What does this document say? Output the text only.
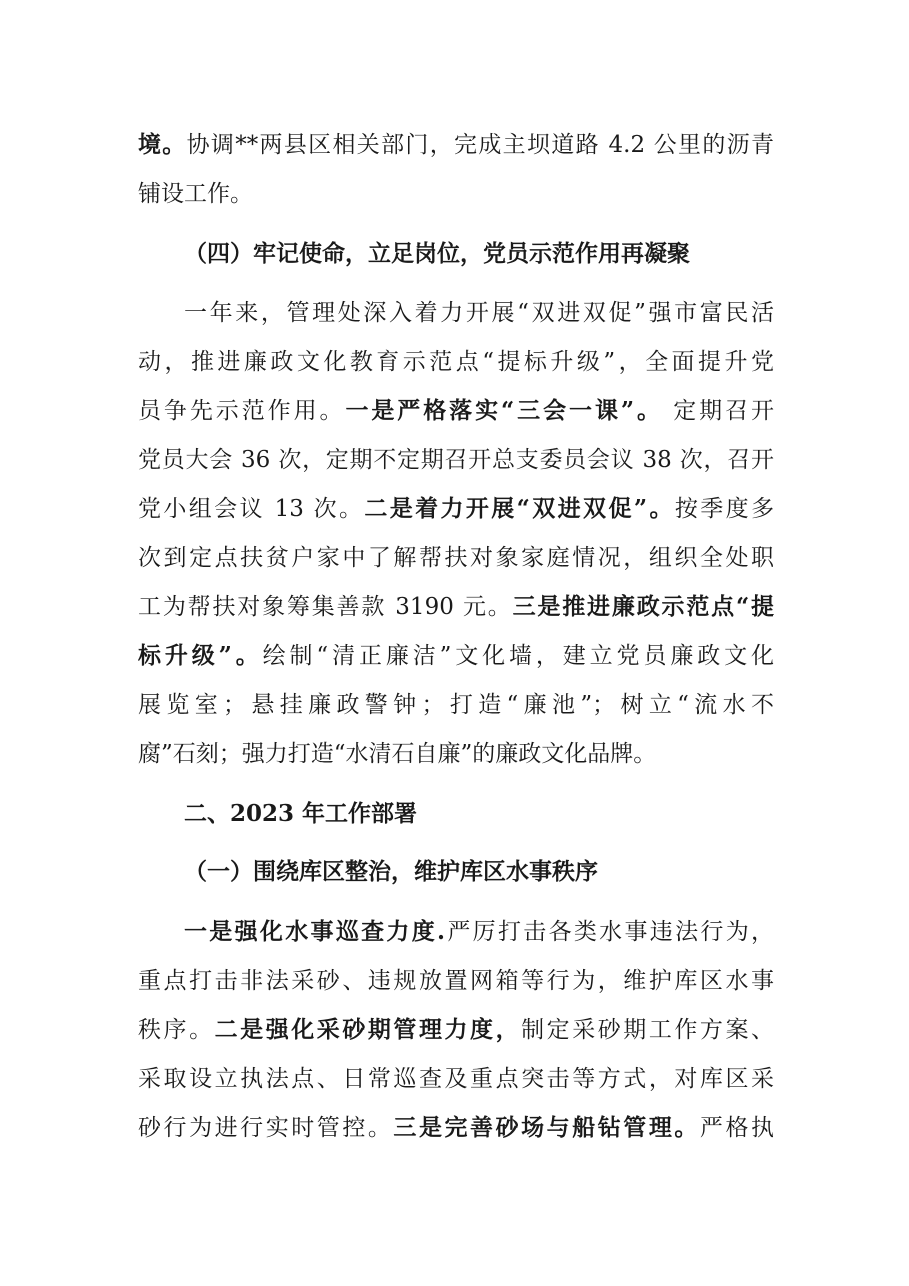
境。协调**两县区相关部门，完成主坝道路 4.2 公里的沥青
铺设工作。
（四）牢记使命，立足岗位，党员示范作用再凝聚
一年来，管理处深入着力开展“双进双促”强市富民活
动，推进廉政文化教育示范点“提标升级”，全面提升党
员争先示范作用。一是严格落实“三会一课”。 定期召开
党员大会 36 次，定期不定期召开总支委员会议 38 次，召开
党小组会议 13 次。二是着力开展“双进双促”。按季度多
次到定点扶贫户家中了解帮扶对象家庭情况，组织全处职
工为帮扶对象筹集善款 3190 元。三是推进廉政示范点“提
标升级”。绘制“清正廉洁”文化墙，建立党员廉政文化
展览室；悬挂廉政警钟；打造“廉池”；树立“流水不
腐”石刻；强力打造“水清石自廉”的廉政文化品牌。
二、2023 年工作部署
（一）围绕库区整治，维护库区水事秩序
一是强化水事巡查力度.严厉打击各类水事违法行为，
重点打击非法采砂、违规放置网箱等行为，维护库区水事
秩序。二是强化采砂期管理力度，制定采砂期工作方案、
采取设立执法点、日常巡查及重点突击等方式，对库区采
砂行为进行实时管控。三是完善砂场与船钻管理。严格执
